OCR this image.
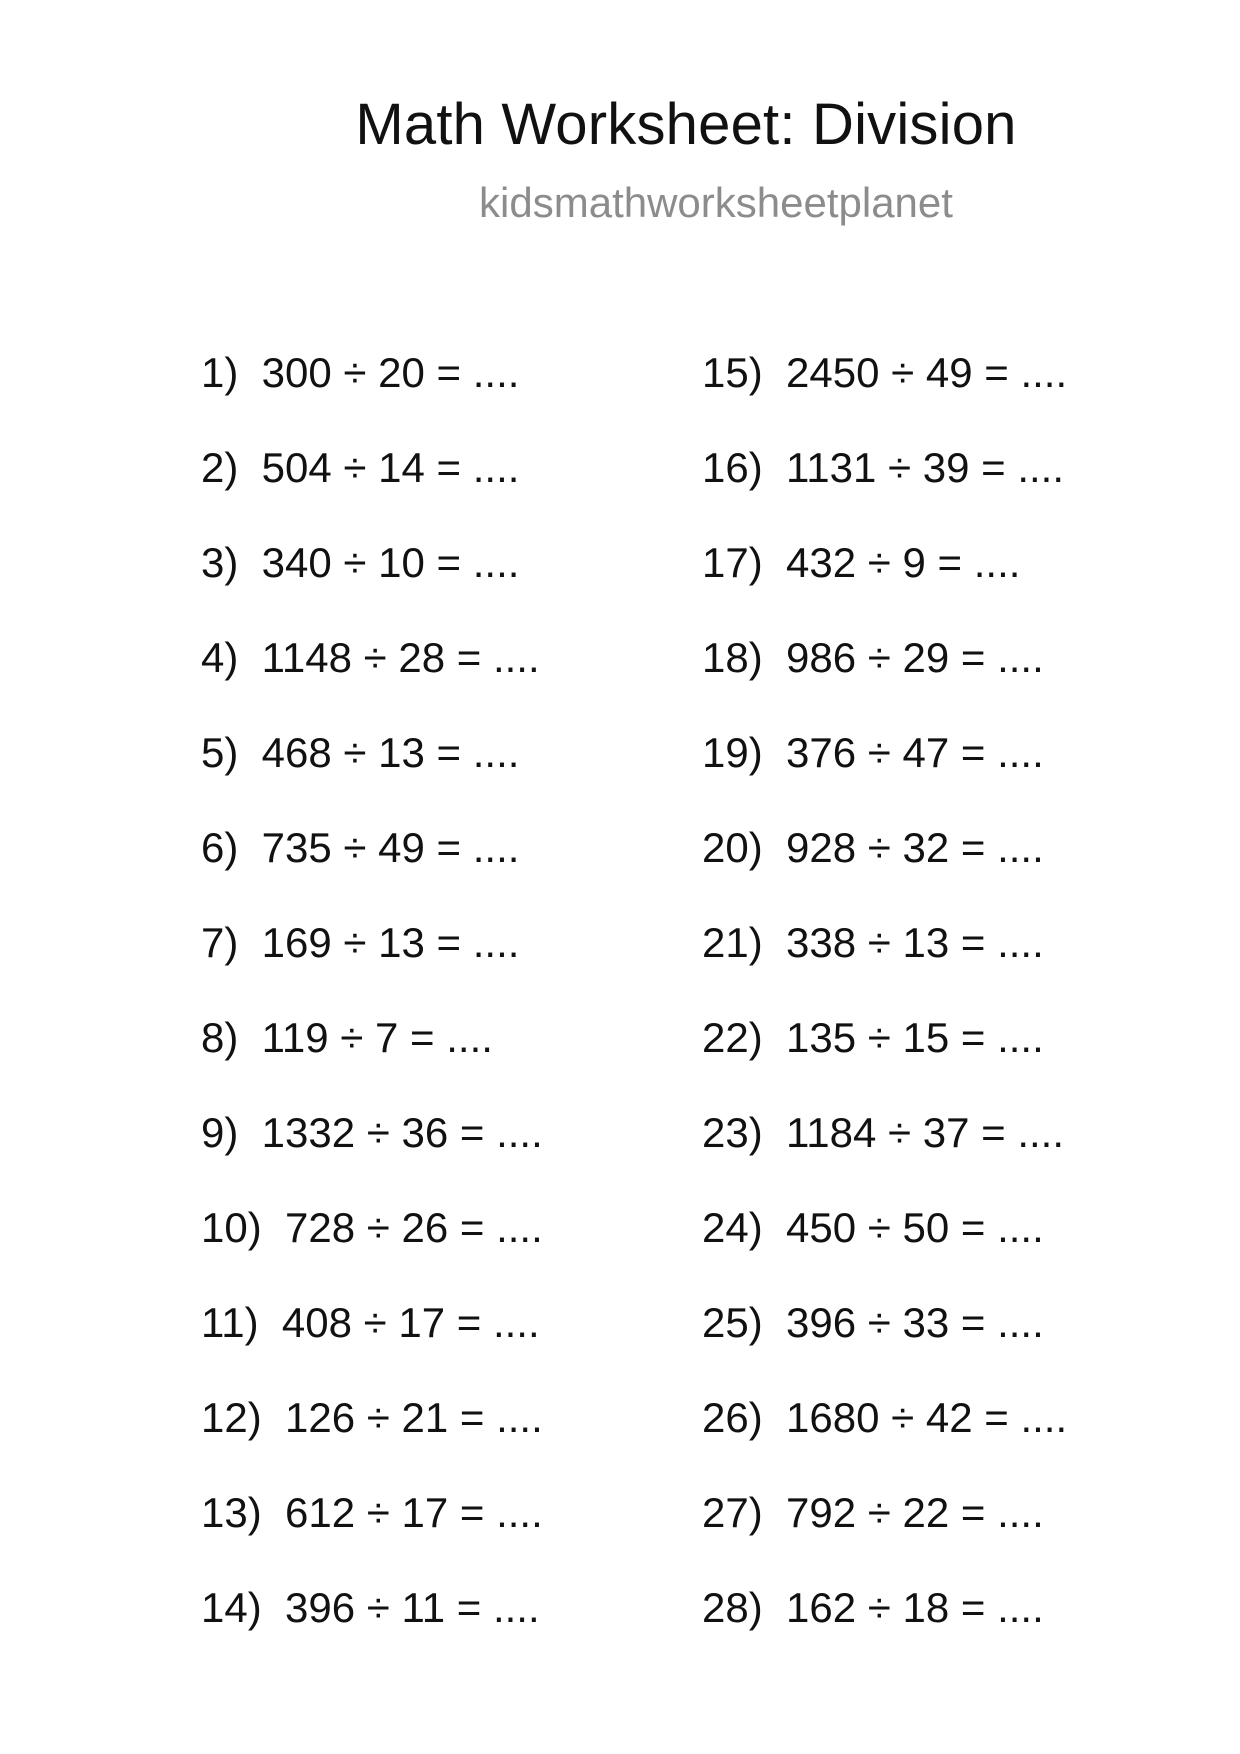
Math Worksheet: Division
kidsmathworksheetplanet
1)  300 ÷ 20 = ....
2)  504 ÷ 14 = ....
3)  340 ÷ 10 = ....
4)  1148 ÷ 28 = ....
5)  468 ÷ 13 = ....
6)  735 ÷ 49 = ....
7)  169 ÷ 13 = ....
8)  119 ÷ 7 = ....
9)  1332 ÷ 36 = ....
10)  728 ÷ 26 = ....
11)  408 ÷ 17 = ....
12)  126 ÷ 21 = ....
13)  612 ÷ 17 = ....
14)  396 ÷ 11 = ....
15)  2450 ÷ 49 = ....
16)  1131 ÷ 39 = ....
17)  432 ÷ 9 = ....
18)  986 ÷ 29 = ....
19)  376 ÷ 47 = ....
20)  928 ÷ 32 = ....
21)  338 ÷ 13 = ....
22)  135 ÷ 15 = ....
23)  1184 ÷ 37 = ....
24)  450 ÷ 50 = ....
25)  396 ÷ 33 = ....
26)  1680 ÷ 42 = ....
27)  792 ÷ 22 = ....
28)  162 ÷ 18 = ....
